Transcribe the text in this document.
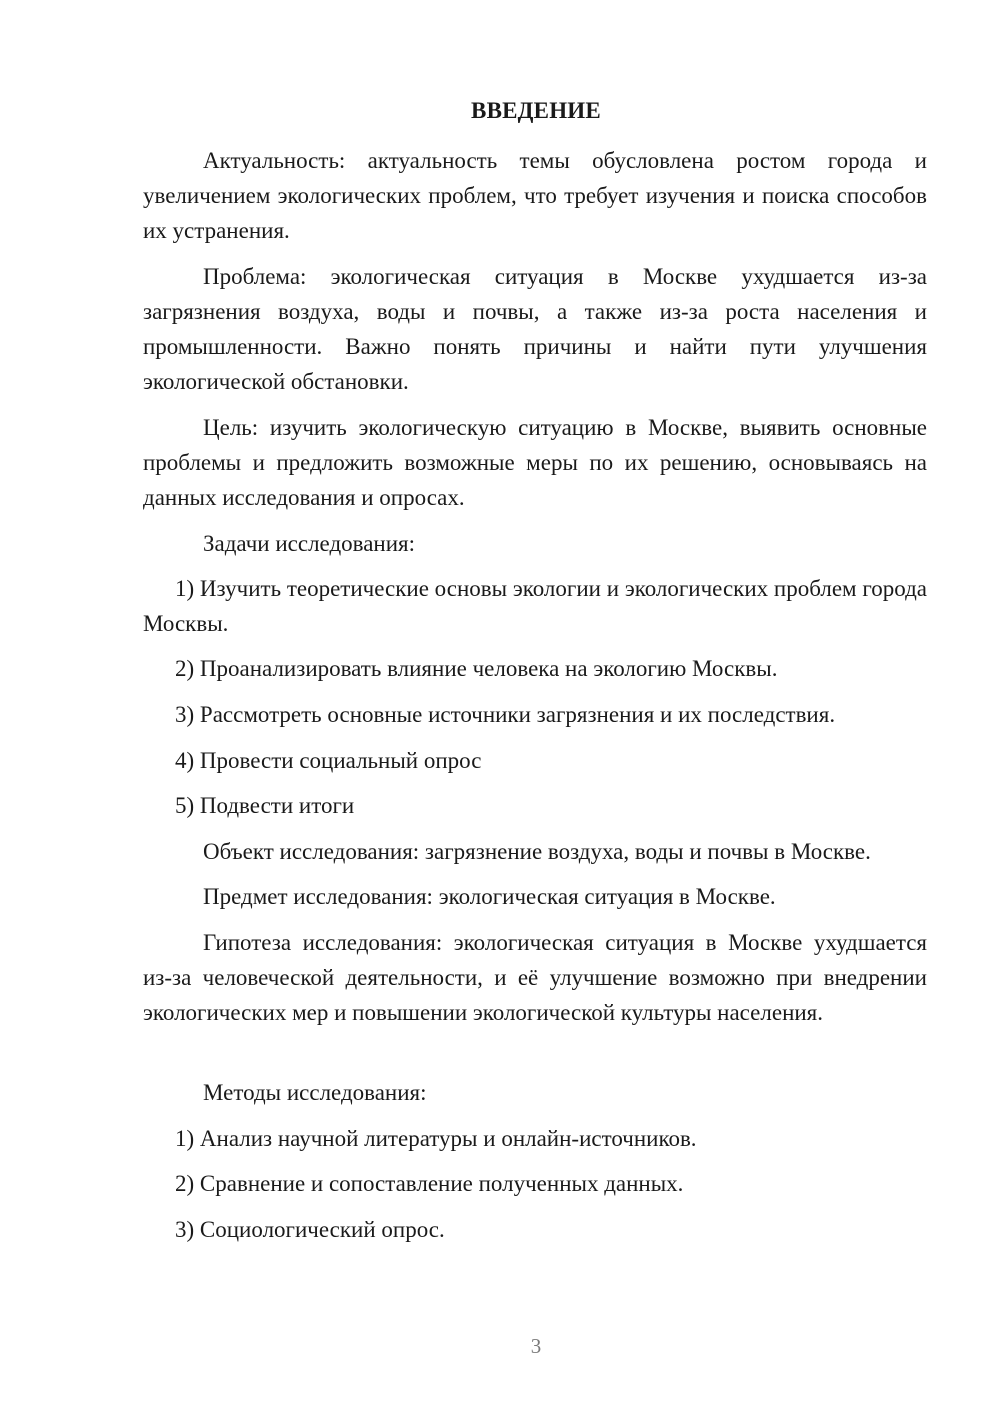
ВВЕДЕНИЕ

Актуальность: актуальность темы обусловлена ростом города и увеличением экологических проблем, что требует изучения и поиска способов их устранения.

Проблема: экологическая ситуация в Москве ухудшается из-за загрязнения воздуха, воды и почвы, а также из-за роста населения и промышленности. Важно понять причины и найти пути улучшения экологической обстановки.

Цель: изучить экологическую ситуацию в Москве, выявить основные проблемы и предложить возможные меры по их решению, основываясь на данных исследования и опросах.

Задачи исследования:

1) Изучить теоретические основы экологии и экологических проблем города Москвы.

2) Проанализировать влияние человека на экологию Москвы.

3) Рассмотреть основные источники загрязнения и их последствия.

4) Провести социальный опрос

5) Подвести итоги

Объект исследования: загрязнение воздуха, воды и почвы в Москве.

Предмет исследования: экологическая ситуация в Москве.

Гипотеза исследования: экологическая ситуация в Москве ухудшается из-за человеческой деятельности, и её улучшение возможно при внедрении экологических мер и повышении экологической культуры населения.

Методы исследования:

1) Анализ научной литературы и онлайн-источников.

2) Сравнение и сопоставление полученных данных.

3) Социологический опрос.

3
